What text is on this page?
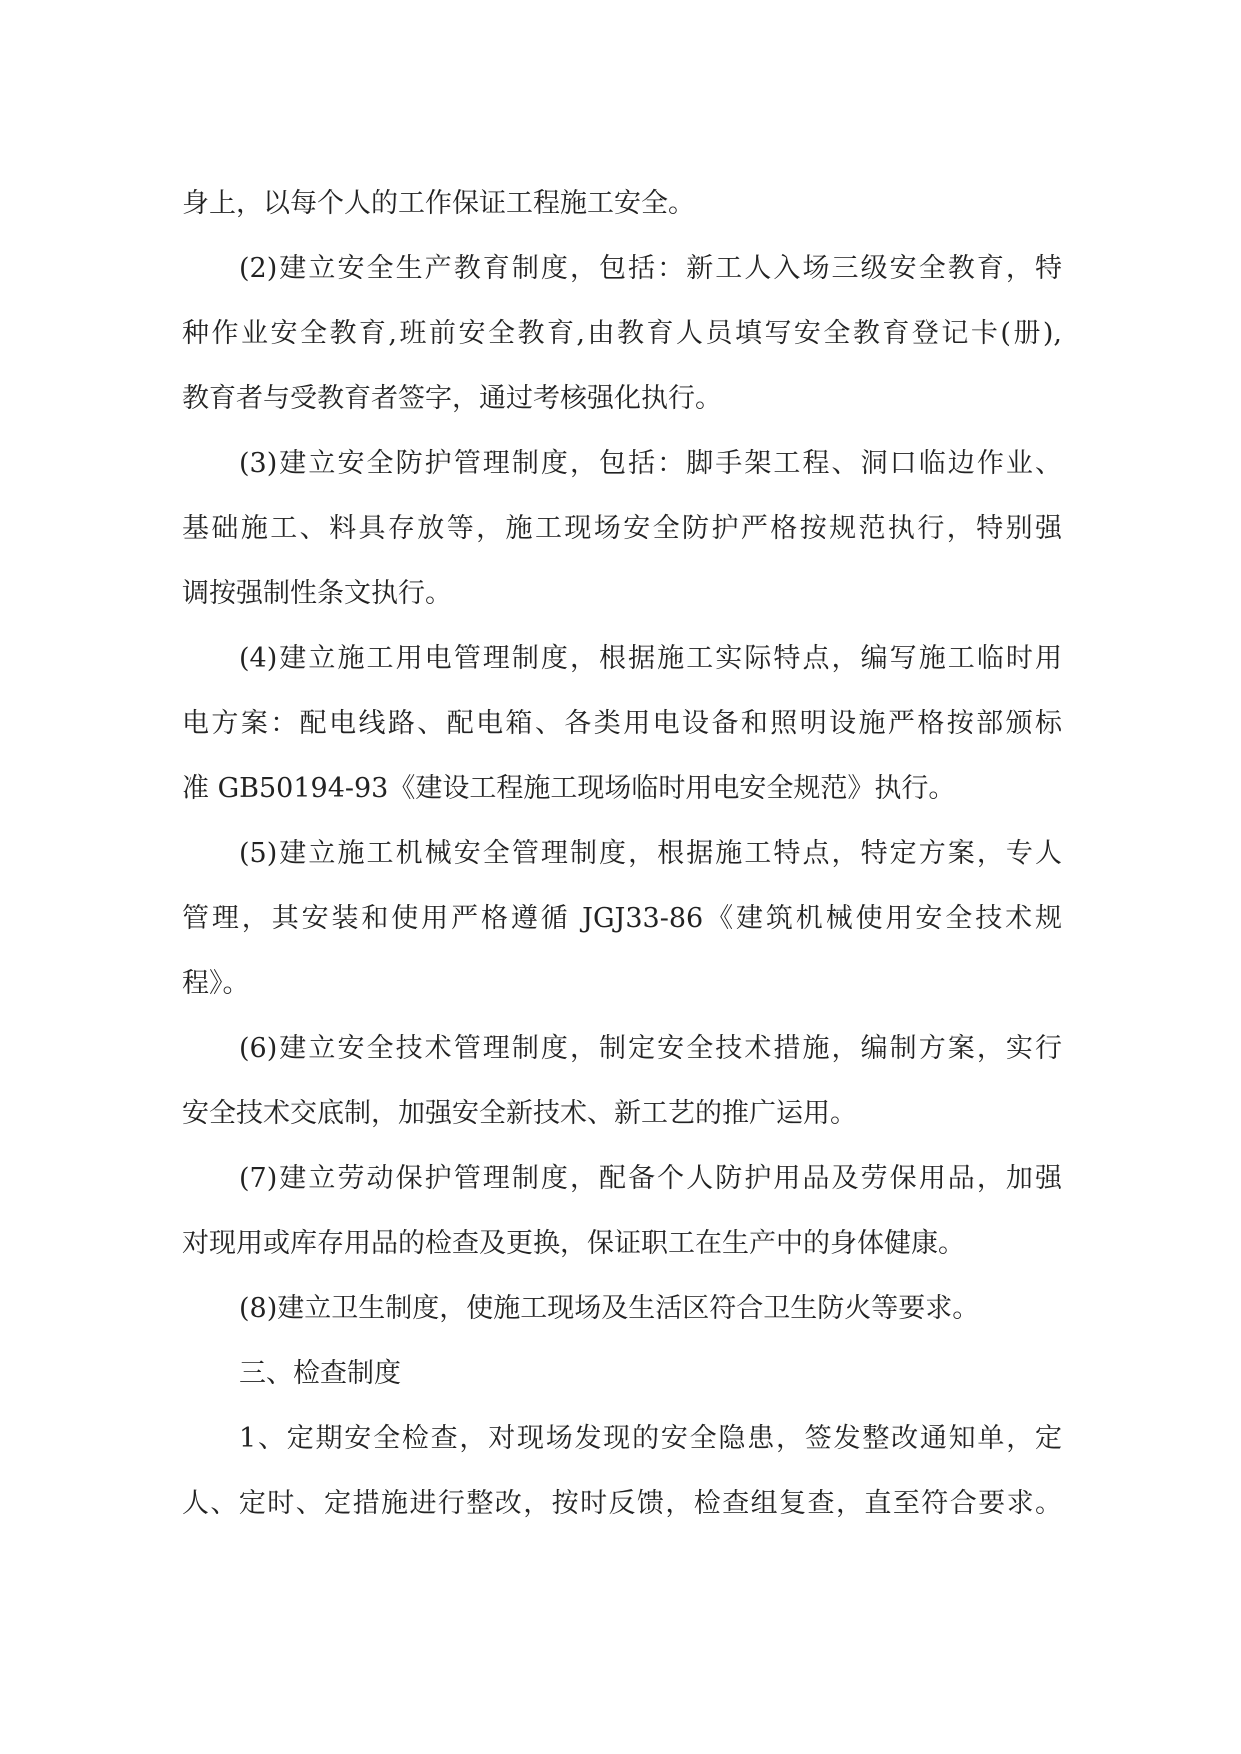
身上，以每个人的工作保证工程施工安全。
(2)建立安全生产教育制度，包括：新工人入场三级安全教育，特
种作业安全教育,班前安全教育,由教育人员填写安全教育登记卡(册),
教育者与受教育者签字，通过考核强化执行。
(3)建立安全防护管理制度，包括：脚手架工程、洞口临边作业、
基础施工、料具存放等，施工现场安全防护严格按规范执行，特别强
调按强制性条文执行。
(4)建立施工用电管理制度，根据施工实际特点，编写施工临时用
电方案：配电线路、配电箱、各类用电设备和照明设施严格按部颁标
准 GB50194-93《建设工程施工现场临时用电安全规范》执行。
(5)建立施工机械安全管理制度，根据施工特点，特定方案，专人
管理，其安装和使用严格遵循 JGJ33-86《建筑机械使用安全技术规
程》。
(6)建立安全技术管理制度，制定安全技术措施，编制方案，实行
安全技术交底制，加强安全新技术、新工艺的推广运用。
(7)建立劳动保护管理制度，配备个人防护用品及劳保用品，加强
对现用或库存用品的检查及更换，保证职工在生产中的身体健康。
(8)建立卫生制度，使施工现场及生活区符合卫生防火等要求。
三、检查制度
1、定期安全检查，对现场发现的安全隐患，签发整改通知单，定
人、定时、定措施进行整改，按时反馈，检查组复查，直至符合要求。
